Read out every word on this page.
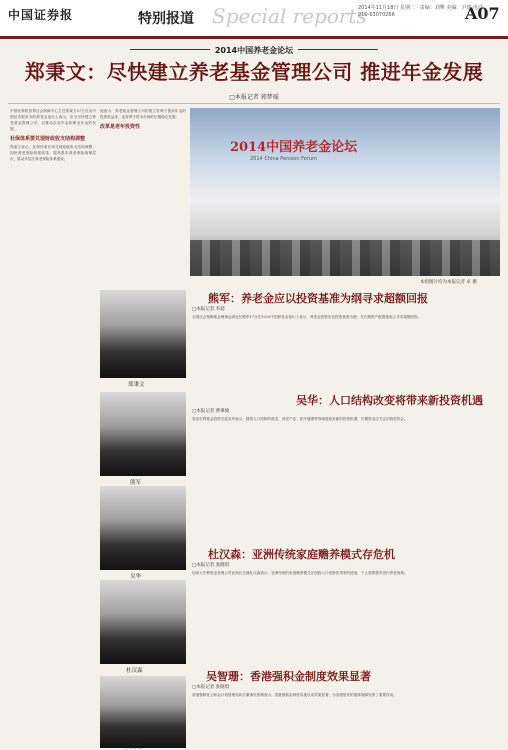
中国证券报	特别报道 Special reports
2014年11月18日 星期二 · 责编：刘擎 美编：尹建 电话：010-63070266	A07
2014中国养老金论坛
郑秉文：尽快建立养老基金管理公司 推进年金发展
□本报记者 郭梦瑶
中国社科院世界社会保障中心主任郑秉文17日在由中国证券报举办的养老金论坛上表示，应当尽快建立养老基金管理公司，以推动企业年金和职业年金的发展。
社保体系要兑现财政收支结构调整
郑秉文表示，社保体系应该兑现财政收支结构调整，加快养老保险制度改革，提高基本养老保险统筹层次，推动多层次养老保险体系建设。
他表示，养老基金管理公司的建立有利于提高年金的投资收益率，也有利于资本市场的长期稳定发展。
改革是老年投资性
2014中国养老金论坛
2014 China Pension Forum
本组图片均为本报记者 卓 摄
郑秉文
熊军
吴华
杜汉森
吴智珊
熊军：养老金应以投资基准为纲寻求超额回报
□本报记者 李超
全国社会保障基金理事会副处长熊军17日在2014中国养老金论坛上表示，养老金投资应以投资基准为纲，在长期资产配置基础上寻求超额回报。
吴华：人口结构改变将带来新投资机遇
□本报记者 曹乘瑜
泰达宏利基金投资总监吴华表示，随着人口结构的改变，养老产业、医疗健康等领域将迎来新的投资机遇，长期资金应关注结构性机会。
杜汉森：亚洲传统家庭赡养模式存危机
□本报记者 张晓琪
加拿大宏利资金管理公司亚洲区总裁杜汉森表示，亚洲传统的家庭赡养模式正面临人口老龄化带来的挑战，个人需要提早进行养老规划。
吴智珊：香港强积金制度效果显著
□本报记者 张晓琪
香港强制性公积金计划管理局执行董事吴智珊表示，香港强积金制度实施以来效果显著，为香港居民的退休保障发挥了重要作用。
